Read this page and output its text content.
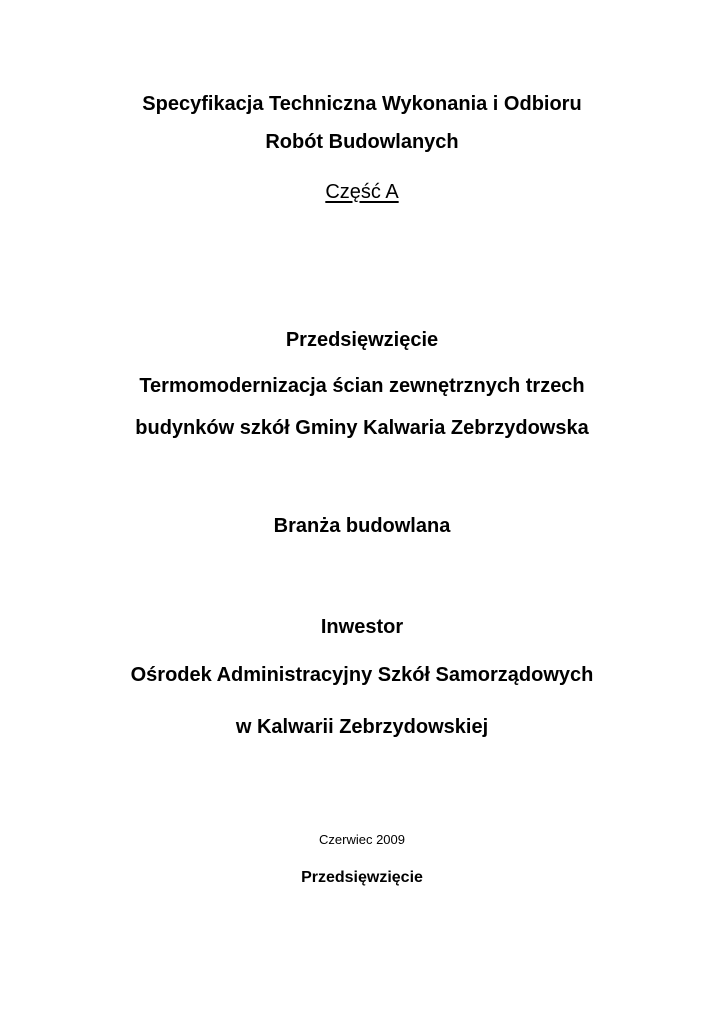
Specyfikacja Techniczna Wykonania i Odbioru
Robót Budowlanych
Część A
Przedsięwzięcie
Termomodernizacja ścian zewnętrznych trzech
budynków szkół Gminy Kalwaria Zebrzydowska
Branża budowlana
Inwestor
Ośrodek Administracyjny Szkół Samorządowych
w Kalwarii Zebrzydowskiej
Czerwiec 2009
Przedsięwzięcie
